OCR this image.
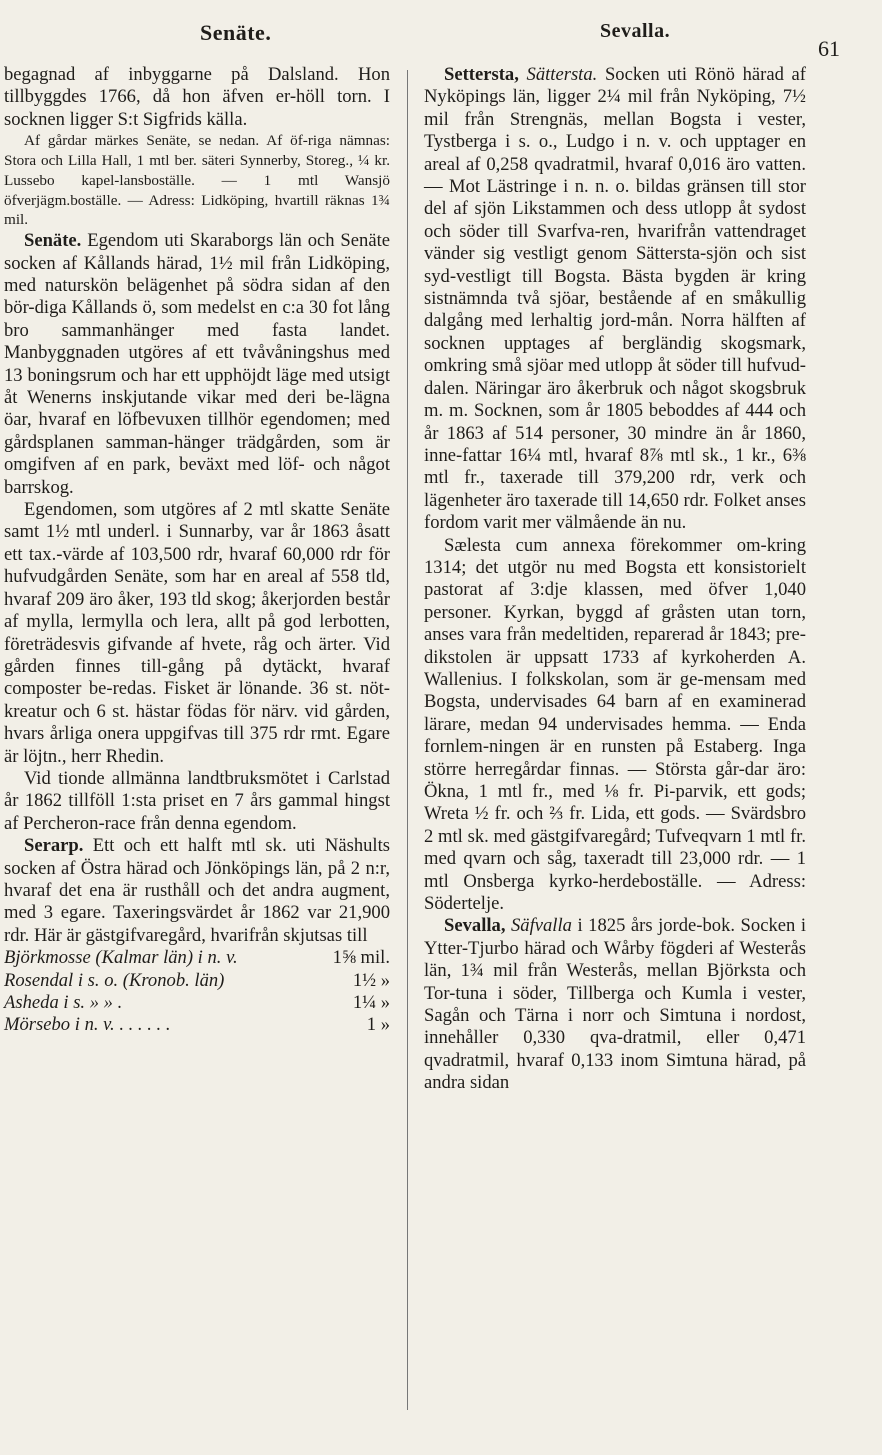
Senäte.	Sevalla.
61

begagnad af inbyggarne på Dalsland. Hon tillbyggdes 1766, då hon äfven er-höll torn. I socknen ligger S:t Sigfrids källa.

Af gårdar märkes Senäte, se nedan. Af öf-riga nämnas: Stora och Lilla Hall, 1 mtl ber. säteri Synnerby, Storeg., ¼ kr. Lussebo kapel-lansboställe. — 1 mtl Wansjö öfverjägm.boställe. — Adress: Lidköping, hvartill räknas 1¾ mil.

Senäte. Egendom uti Skaraborgs län och Senäte socken af Kållands härad, 1½ mil från Lidköping, med naturskön belägenhet på södra sidan af den bör-diga Kållands ö, som medelst en c:a 30 fot lång bro sammanhänger med fasta landet. Manbyggnaden utgöres af ett tvåvåningshus med 13 boningsrum och har ett upphöjdt läge med utsigt åt Wenerns inskjutande vikar med deri be-lägna öar, hvaraf en löfbevuxen tillhör egendomen; med gårdsplanen samman-hänger trädgården, som är omgifven af en park, beväxt med löf- och något barrskog.

Egendomen, som utgöres af 2 mtl skatte Senäte samt 1½ mtl underl. i Sunnarby, var år 1863 åsatt ett tax.-värde af 103,500 rdr, hvaraf 60,000 rdr för hufvudgården Senäte, som har en areal af 558 tld, hvaraf 209 äro åker, 193 tld skog; åkerjorden består af mylla, lermylla och lera, allt på god lerbotten, företrädesvis gifvande af hvete, råg och ärter. Vid gården finnes till-gång på dytäckt, hvaraf composter be-redas. Fisket är lönande. 36 st. nöt-kreatur och 6 st. hästar födas för närv. vid gården, hvars årliga onera uppgifvas till 375 rdr rmt. Egare är löjtn., herr Rhedin.

Vid tionde allmänna landtbruksmötet i Carlstad år 1862 tillföll 1:sta priset en 7 års gammal hingst af Percheron-race från denna egendom.

Serarp. Ett och ett halft mtl sk. uti Näshults socken af Östra härad och Jönköpings län, på 2 n:r, hvaraf det ena är rusthåll och det andra augment, med 3 egare. Taxeringsvärdet år 1862 var 21,900 rdr. Här är gästgifvaregård, hvarifrån skjutsas till

Björkmosse (Kalmar län) i n. v.	1⅝ mil.
Rosendal i s. o. (Kronob. län)	1½ »
Asheda i s. » » .	1¼ »
Mörsebo i n. v. . . . . . .	1 »

Settersta, Sättersta. Socken uti Rönö härad af Nyköpings län, ligger 2¼ mil från Nyköping, 7½ mil från Strengnäs, mellan Bogsta i vester, Tystberga i s. o., Ludgo i n. v. och upptager en areal af 0,258 qvadratmil, hvaraf 0,016 äro vatten. — Mot Lästringe i n. n. o. bildas gränsen till stor del af sjön Likstammen och dess utlopp åt sydost och söder till Svarfva-ren, hvarifrån vattendraget vänder sig vestligt genom Sättersta-sjön och sist syd-vestligt till Bogsta. Bästa bygden är kring sistnämnda två sjöar, bestående af en småkullig dalgång med lerhaltig jord-mån. Norra hälften af socknen upptages af bergländig skogsmark, omkring små sjöar med utlopp åt söder till hufvud-dalen. Näringar äro åkerbruk och något skogsbruk m. m. Socknen, som år 1805 beboddes af 444 och år 1863 af 514 personer, 30 mindre än år 1860, inne-fattar 16¼ mtl, hvaraf 8⅞ mtl sk., 1 kr., 6⅜ mtl fr., taxerade till 379,200 rdr, verk och lägenheter äro taxerade till 14,650 rdr. Folket anses fordom varit mer välmående än nu.

Sælesta cum annexa förekommer om-kring 1314; det utgör nu med Bogsta ett konsistorielt pastorat af 3:dje klassen, med öfver 1,040 personer. Kyrkan, byggd af gråsten utan torn, anses vara från medeltiden, reparerad år 1843; pre-dikstolen är uppsatt 1733 af kyrkoherden A. Wallenius. I folkskolan, som är ge-mensam med Bogsta, undervisades 64 barn af en examinerad lärare, medan 94 undervisades hemma. — Enda fornlem-ningen är en runsten på Estaberg. Inga större herregårdar finnas. — Största går-dar äro: Ökna, 1 mtl fr., med ⅛ fr. Pi-parvik, ett gods; Wreta ½ fr. och ⅔ fr. Lida, ett gods. — Svärdsbro 2 mtl sk. med gästgifvaregård; Tufveqvarn 1 mtl fr. med qvarn och såg, taxeradt till 23,000 rdr. — 1 mtl Onsberga kyrko-herdeboställe. — Adress: Södertelje.

Sevalla, Säfvalla i 1825 års jorde-bok. Socken i Ytter-Tjurbo härad och Wårby fögderi af Westerås län, 1¾ mil från Westerås, mellan Björksta och Tor-tuna i söder, Tillberga och Kumla i vester, Sagån och Tärna i norr och Simtuna i nordost, innehåller 0,330 qva-dratmil, eller 0,471 qvadratmil, hvaraf 0,133 inom Simtuna härad, på andra sidan
